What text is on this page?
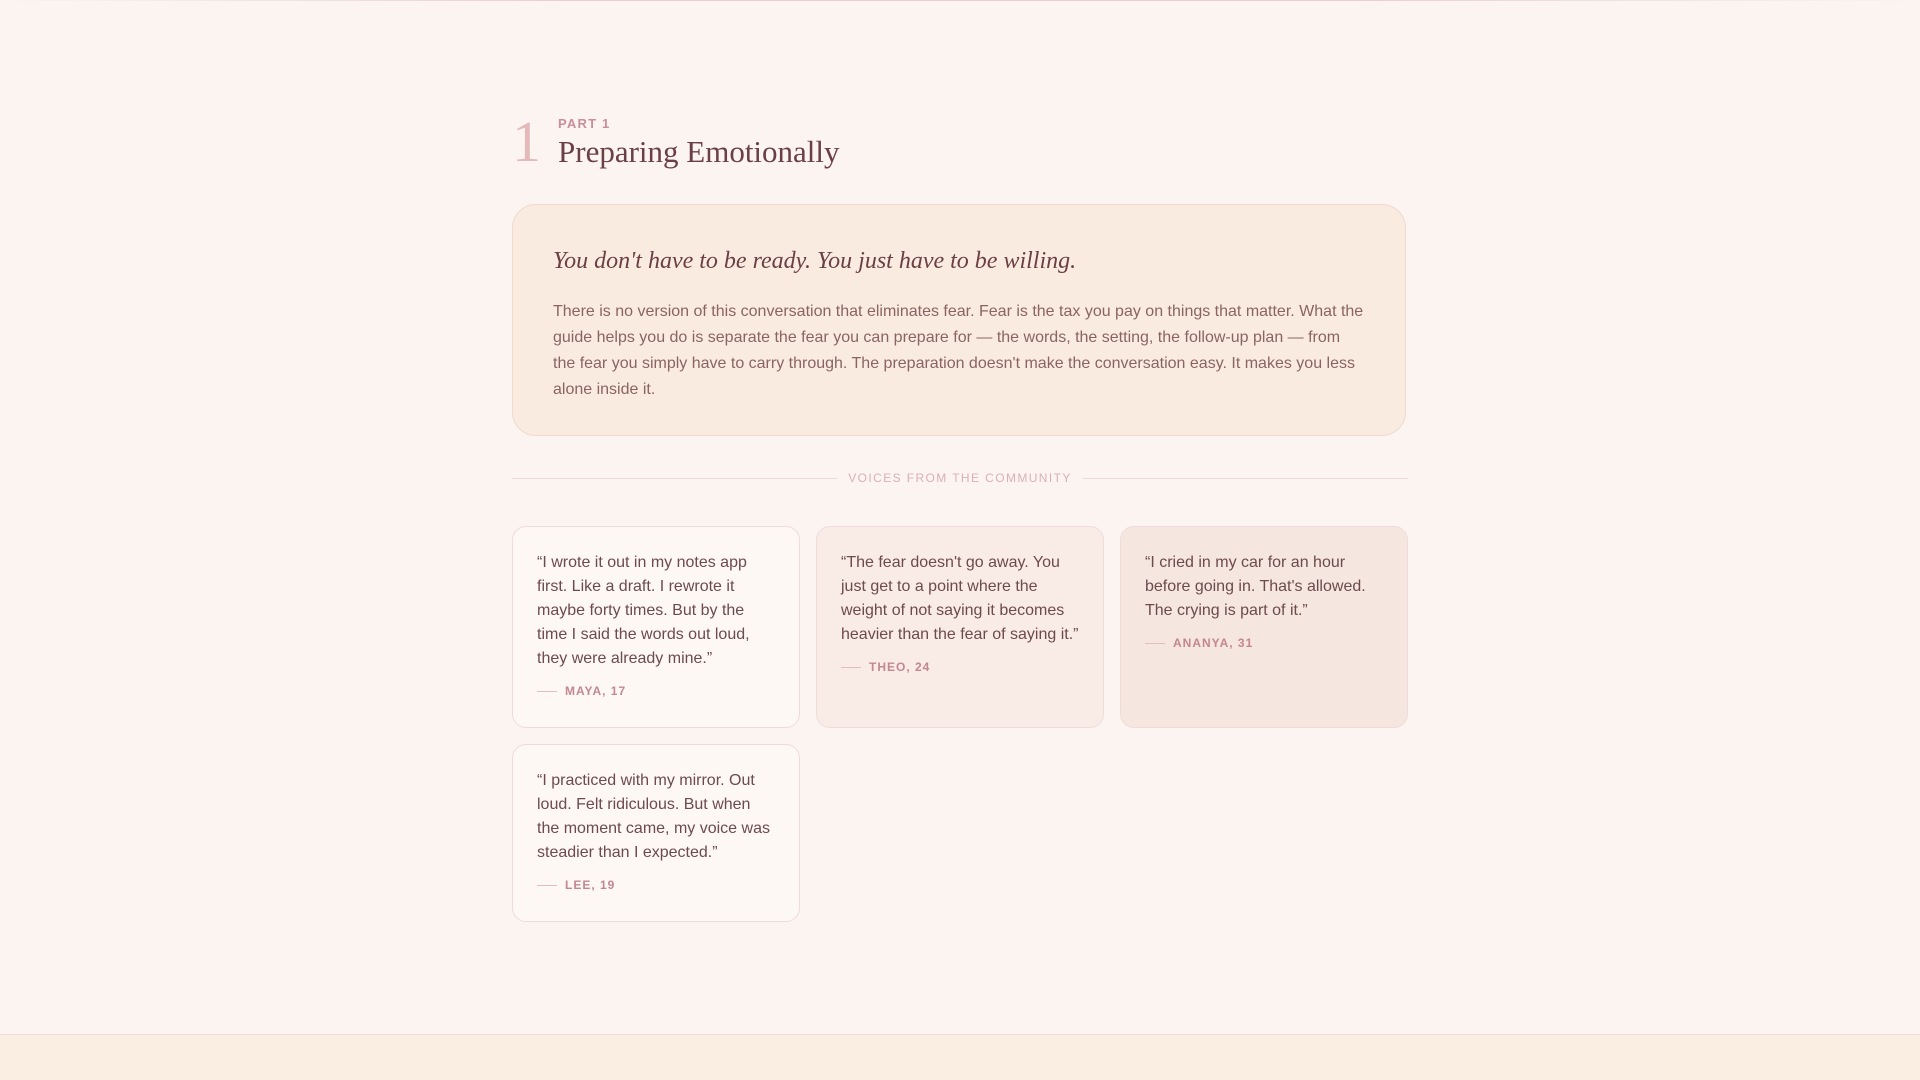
1 PART 1
Preparing Emotionally
You don't have to be ready. You just have to be willing.

There is no version of this conversation that eliminates fear. Fear is the tax you pay on things that matter. What the guide helps you do is separate the fear you can prepare for — the words, the setting, the follow-up plan — from the fear you simply have to carry through. The preparation doesn't make the conversation easy. It makes you less alone inside it.

VOICES FROM THE COMMUNITY

“I wrote it out in my notes app first. Like a draft. I rewrote it maybe forty times. But by the time I said the words out loud, they were already mine.”

MAYA, 17

“The fear doesn't go away. You just get to a point where the weight of not saying it becomes heavier than the fear of saying it.”

THEO, 24

“I cried in my car for an hour before going in. That's allowed. The crying is part of it.”

ANANYA, 31

“I practiced with my mirror. Out loud. Felt ridiculous. But when the moment came, my voice was steadier than I expected.”

LEE, 19
